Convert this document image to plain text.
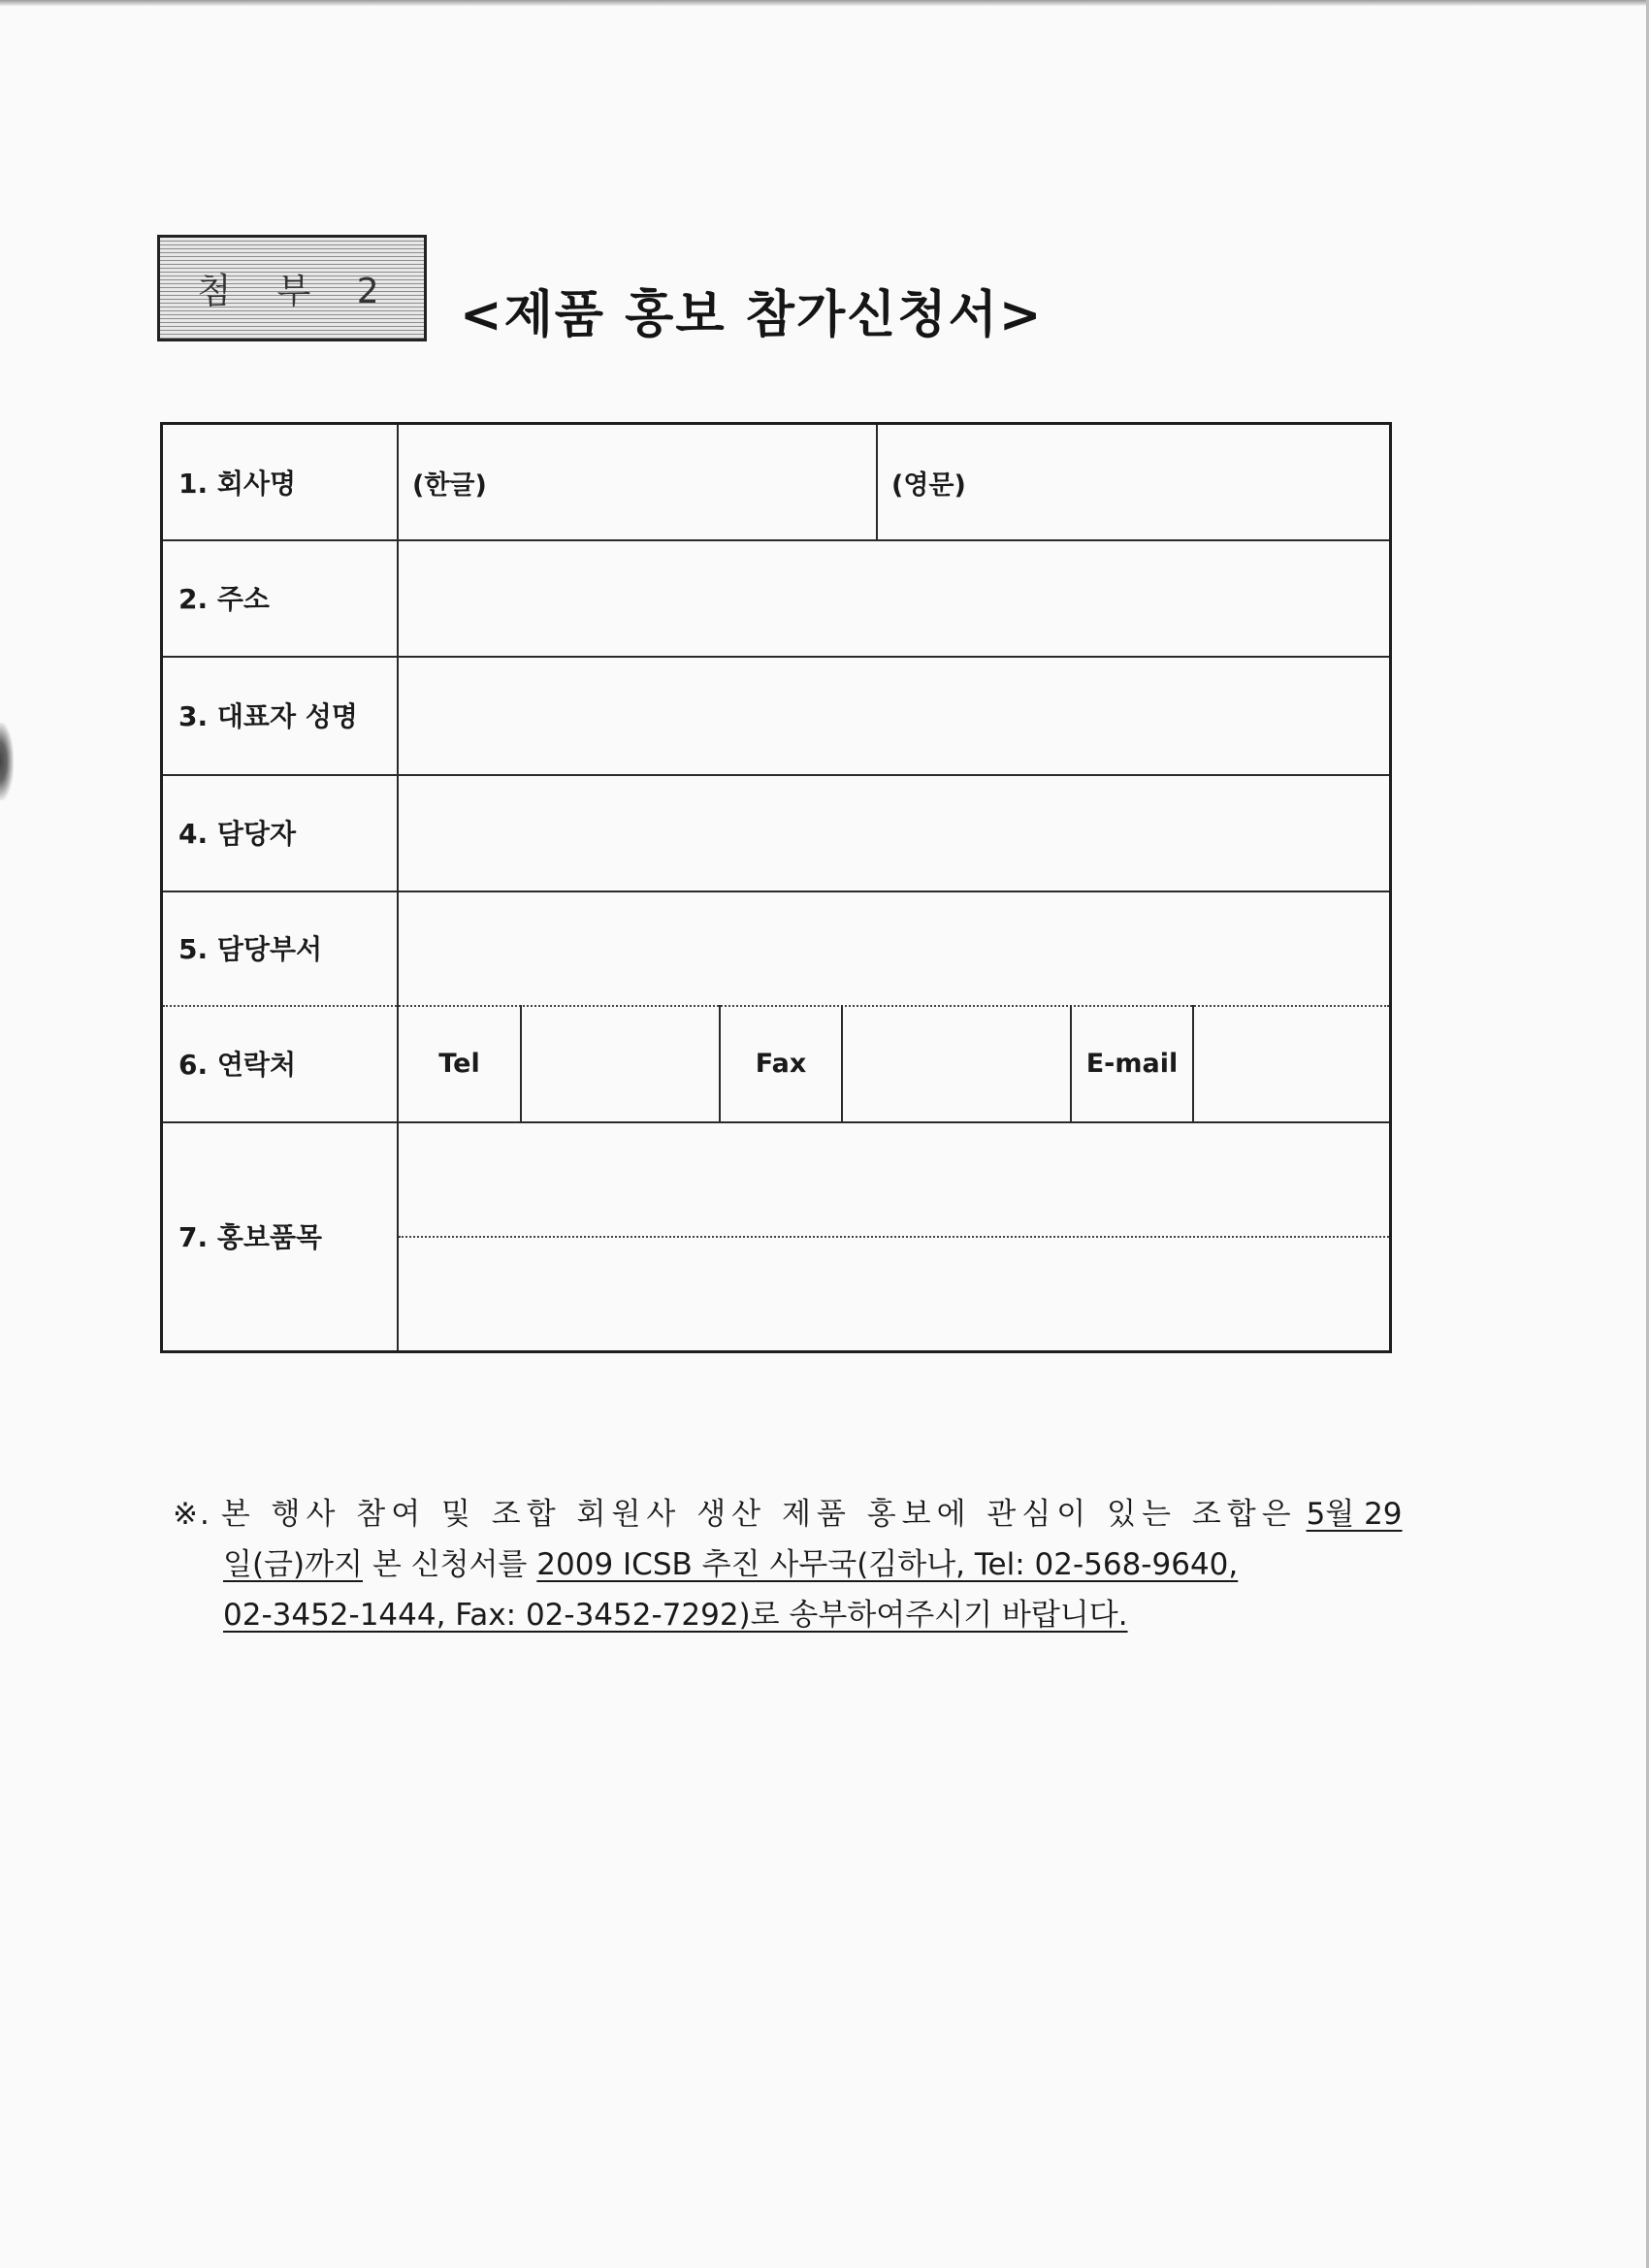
첨 부 2 <제품 홍보 참가신청서>
1. 회사명	(한글)	(영문)
2. 주소
3. 대표자 성명
4. 담당자
5. 담당부서
6. 연락처	Tel	Fax	E-mail
7. 홍보품목
※. 본 행사 참여 및 조합 회원사 생산 제품 홍보에 관심이 있는 조합은 5월 29
일(금)까지 본 신청서를 2009 ICSB 추진 사무국(김하나, Tel: 02-568-9640,
02-3452-1444, Fax: 02-3452-7292)로 송부하여주시기 바랍니다.
